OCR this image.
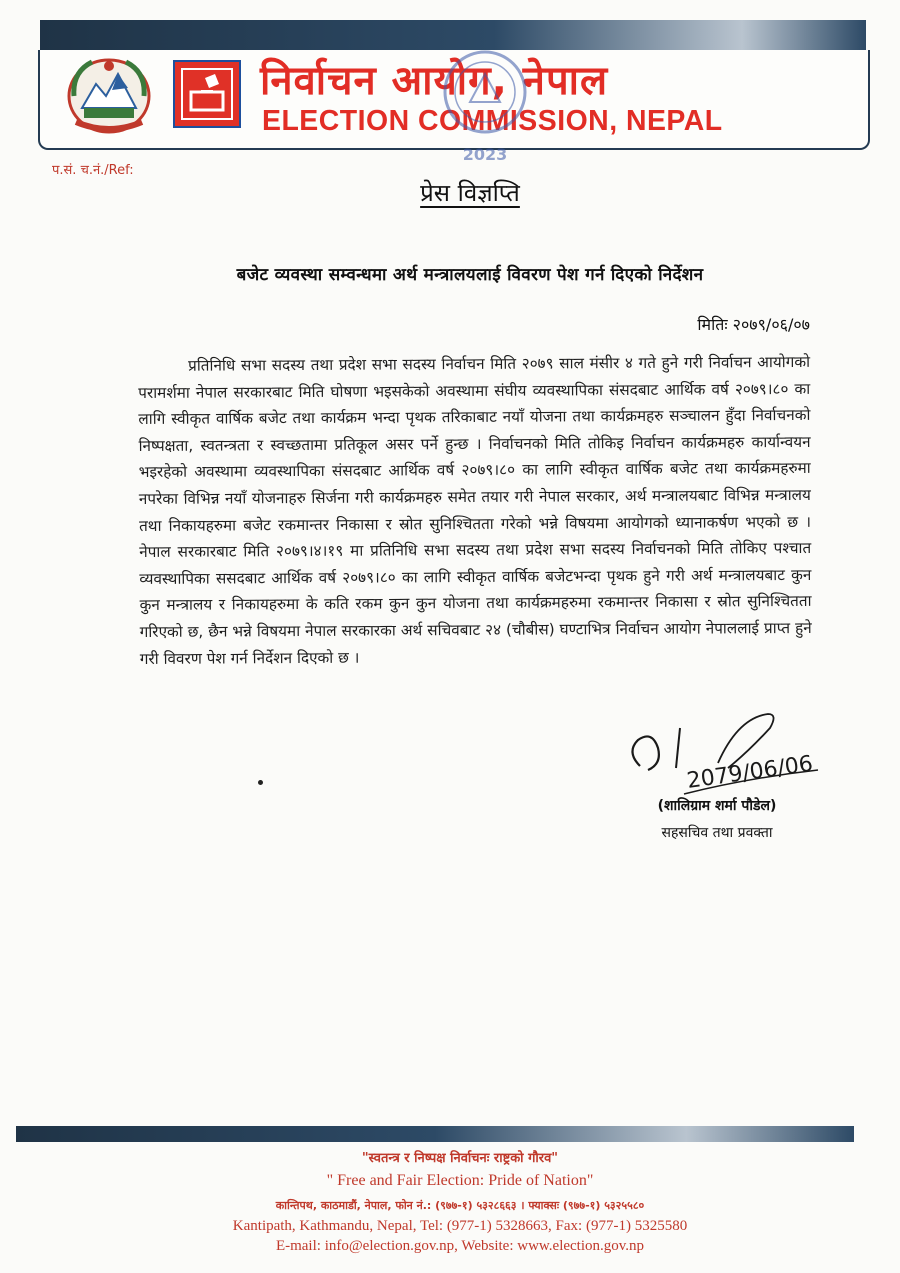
निर्वाचन आयोग, नेपाल
ELECTION COMMISSION, NEPAL
2023
प.सं. च.नं./Ref:
प्रेस विज्ञप्ति
बजेट व्यवस्था सम्वन्धमा अर्थ मन्त्रालयलाई विवरण पेश गर्न दिएको निर्देशन
मितिः २०७९/०६/०७
प्रतिनिधि सभा सदस्य तथा प्रदेश सभा सदस्य निर्वाचन मिति २०७९ साल मंसीर ४ गते हुने गरी निर्वाचन आयोगको परामर्शमा नेपाल सरकारबाट मिति घोषणा भइसकेको अवस्थामा संघीय व्यवस्थापिका संसदबाट आर्थिक वर्ष २०७९।८० का लागि स्वीकृत वार्षिक बजेट तथा कार्यक्रम भन्दा पृथक तरिकाबाट नयाँ योजना तथा कार्यक्रमहरु सञ्चालन हुँदा निर्वाचनको निष्पक्षता, स्वतन्त्रता र स्वच्छतामा प्रतिकूल असर पर्ने हुन्छ । निर्वाचनको मिति तोकिइ निर्वाचन कार्यक्रमहरु कार्यान्वयन भइरहेको अवस्थामा व्यवस्थापिका संसदबाट आर्थिक वर्ष २०७९।८० का लागि स्वीकृत वार्षिक बजेट तथा कार्यक्रमहरुमा नपरेका विभिन्न नयाँ योजनाहरु सिर्जना गरी कार्यक्रमहरु समेत तयार गरी नेपाल सरकार, अर्थ मन्त्रालयबाट विभिन्न मन्त्रालय तथा निकायहरुमा बजेट रकमान्तर निकासा र स्रोत सुनिश्चितता गरेको भन्ने विषयमा आयोगको ध्यानाकर्षण भएको छ । नेपाल सरकारबाट मिति २०७९।४।१९ मा प्रतिनिधि सभा सदस्य तथा प्रदेश सभा सदस्य निर्वाचनको मिति तोकिए पश्चात व्यवस्थापिका ससदबाट आर्थिक वर्ष २०७९।८० का लागि स्वीकृत वार्षिक बजेटभन्दा पृथक हुने गरी अर्थ मन्त्रालयबाट कुन कुन मन्त्रालय र निकायहरुमा के कति रकम कुन कुन योजना तथा कार्यक्रमहरुमा रकमान्तर निकासा र स्रोत सुनिश्चितता गरिएको छ, छैन भन्ने विषयमा नेपाल सरकारका अर्थ सचिवबाट २४ (चौबीस) घण्टाभित्र निर्वाचन आयोग नेपाललाई प्राप्त हुने गरी विवरण पेश गर्न निर्देशन दिएको छ ।
2079/06/06
(शालिग्राम शर्मा पौडेल)
सहसचिव तथा प्रवक्ता
"स्वतन्त्र र निष्पक्ष निर्वाचनः राष्ट्रको गौरव"
" Free and Fair Election: Pride of Nation"
कान्तिपथ, काठमाडौं, नेपाल, फोन नं.: (९७७-१) ५३२८६६३ । फ्याक्सः (९७७-१) ५३२५५८०
Kantipath, Kathmandu, Nepal, Tel: (977-1) 5328663, Fax: (977-1) 5325580
E-mail: info@election.gov.np, Website: www.election.gov.np
